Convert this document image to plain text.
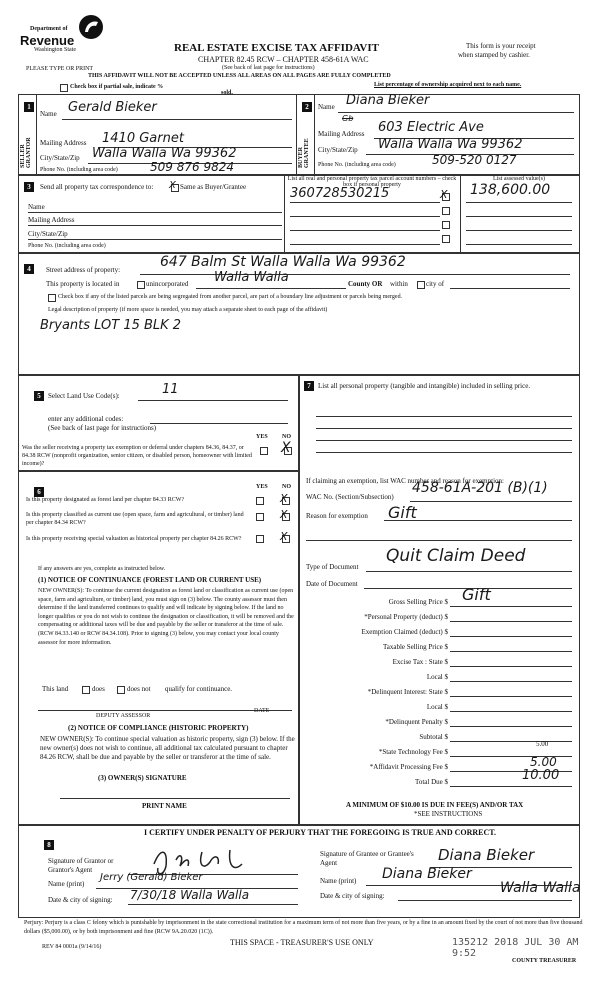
Department of
Revenue
Washington State
PLEASE TYPE OR PRINT
REAL ESTATE EXCISE TAX AFFIDAVIT
CHAPTER 82.45 RCW – CHAPTER 458-61A WAC
This form is your receipt
when stamped by cashier.
(See back of last page for instructions)
THIS AFFIDAVIT WILL NOT BE ACCEPTED UNLESS ALL AREAS ON ALL PAGES ARE FULLY COMPLETED
Check box if partial sale, indicate %
sold.
List percentage of ownership acquired next to each name.
1
SELLER GRANTOR
Name Gerald Bieker
Mailing Address 1410 Garnet
City/State/Zip Walla Walla Wa 99362
Phone No. (including area code)	509 876 9824
2
BUYER GRANTEE
Name Diana Bieker
Gb
Mailing Address 603 Electric Ave
City/State/Zip Walla Walla Wa 99362
Phone No. (including area code)	509-520 0127
3	Send all property tax correspondence to: X Same as Buyer/Grantee
Name
Mailing Address
City/State/Zip
Phone No. (including area code)
List all real and personal property tax parcel account numbers – check box if personal property
List assessed value(s)
360728530215	X 138,600.00
4	Street address of property:	647 Balm St Walla Walla Wa 99362
This property is located in	unincorporated Walla Walla	County OR within	city of
Check box if any of the listed parcels are being segregated from another parcel, are part of a boundary line adjustment or parcels being merged.
Legal description of property (if more space is needed, you may attach a separate sheet to each page of the affidavit)
Bryants LOT 15 BLK 2
5	Select Land Use Code(s):	11
enter any additional codes:
(See back of last page for instructions)
YES NO
Was the seller receiving a property tax exemption or deferral under chapters 84.36, 84.37, or 84.38 RCW (nonprofit organization, senior citizen, or disabled person, homeowner with limited income)?
X
6
YES NO
Is this property designated as forest land per chapter 84.33 RCW?	X
Is this property classified as current use (open space, farm and agricultural, or timber) land per chapter 84.34 RCW?
X
Is this property receiving special valuation as historical property per chapter 84.26 RCW?	X
If any answers are yes, complete as instructed below.
(1) NOTICE OF CONTINUANCE (FOREST LAND OR CURRENT USE)
NEW OWNER(S): To continue the current designation as forest land or classification as current use (open space, farm and agriculture, or timber) land, you must sign on (3) below. The county assessor must then determine if the land transferred continues to qualify and will indicate by signing below. If the land no longer qualifies or you do not wish to continue the designation or classification, it will be removed and the compensating or additional taxes will be due and payable by the seller or transferor at the time of sale. (RCW 84.33.140 or RCW 84.34.108). Prior to signing (3) below, you may contact your local county assessor for more information.
This land	does	does not qualify for continuance.
DEPUTY ASSESSOR
DATE
(2) NOTICE OF COMPLIANCE (HISTORIC PROPERTY)
NEW OWNER(S): To continue special valuation as historic property, sign (3) below. If the new owner(s) does not wish to continue, all additional tax calculated pursuant to chapter 84.26 RCW, shall be due and payable by the seller or transferor at the time of sale.
(3) OWNER(S) SIGNATURE
PRINT NAME
7	List all personal property (tangible and intangible) included in selling price.
If claiming an exemption, list WAC number and reason for exemption:
WAC No. (Section/Subsection)
458-61A-201 (B)(1)
Reason for exemption Gift
Type of Document
Quit Claim Deed
Date of Document
Gross Selling Price $ Gift
*Personal Property (deduct) $
Exemption Claimed (deduct) $
Taxable Selling Price $
Excise Tax : State $
Local $
*Delinquent Interest: State $
Local $
*Delinquent Penalty $
Subtotal $
*State Technology Fee $
5.00
*Affidavit Processing Fee $	5.00
Total Due $	10.00
A MINIMUM OF $10.00 IS DUE IN FEE(S) AND/OR TAX
*SEE INSTRUCTIONS
8
I CERTIFY UNDER PENALTY OF PERJURY THAT THE FOREGOING IS TRUE AND CORRECT.
Signature of Grantor or Grantor's Agent
Name (print)
Jerry (Gerald) Bieker
Date & city of signing: 7/30/18 Walla Walla
Signature of Grantee or Grantee's Agent	Diana Bieker
Name (print) Diana Bieker
Date & city of signing:	Walla Walla
Perjury: Perjury is a class C felony which is punishable by imprisonment in the state correctional institution for a maximum term of not more than five years, or by a fine in an amount fixed by the court of not more than five thousand dollars ($5,000.00), or by both imprisonment and fine (RCW 9A.20.020 (1C)).
REV 84 0001a (9/14/16)	THIS SPACE - TREASURER'S USE ONLY	135212 2018 JUL 30 AM 9:52
COUNTY TREASURER
